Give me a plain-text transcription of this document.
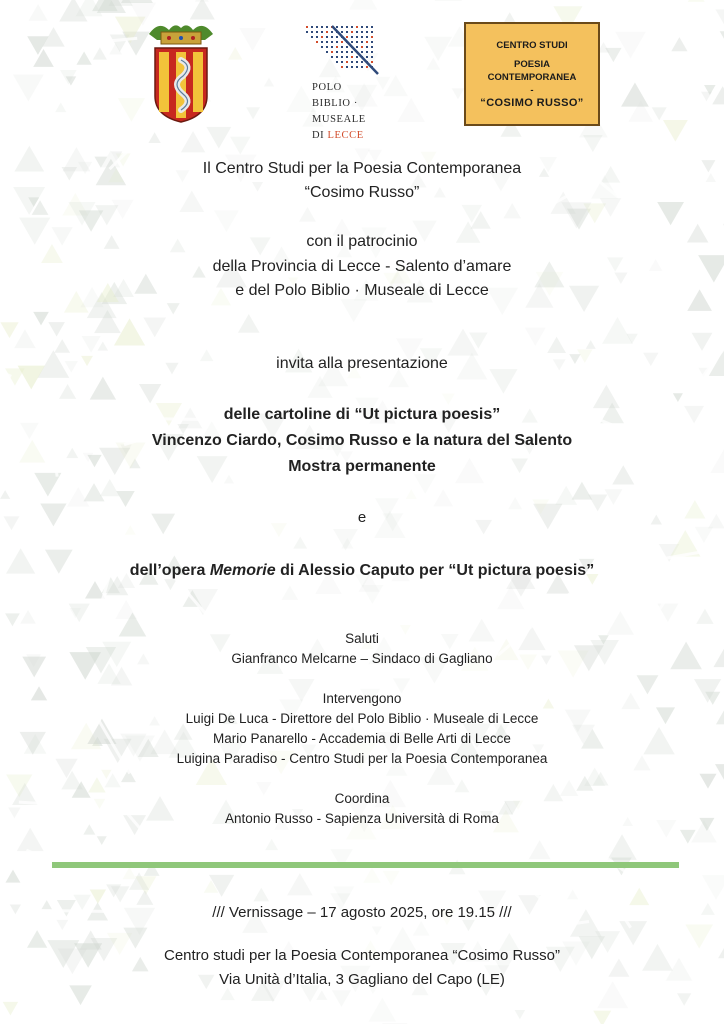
POLO
BIBLIO · MUSEALE
DI LECCE
CENTRO STUDI
POESIA
CONTEMPORANEA
-
“COSIMO RUSSO”
Il Centro Studi per la Poesia Contemporanea
“Cosimo Russo”
con il patrocinio
della Provincia di Lecce - Salento d’amare
e del Polo Biblio · Museale di Lecce
invita alla presentazione
delle cartoline di “Ut pictura poesis”
Vincenzo Ciardo, Cosimo Russo e la natura del Salento
Mostra permanente
e
dell’opera Memorie di Alessio Caputo per “Ut pictura poesis”
Saluti
Gianfranco Melcarne – Sindaco di Gagliano
Intervengono
Luigi De Luca - Direttore del Polo Biblio · Museale di Lecce
Mario Panarello - Accademia di Belle Arti di Lecce
Luigina Paradiso - Centro Studi per la Poesia Contemporanea
Coordina
Antonio Russo - Sapienza Università di Roma
/// Vernissage – 17 agosto 2025, ore 19.15 ///
Centro studi per la Poesia Contemporanea “Cosimo Russo”
Via Unità d’Italia, 3 Gagliano del Capo (LE)
